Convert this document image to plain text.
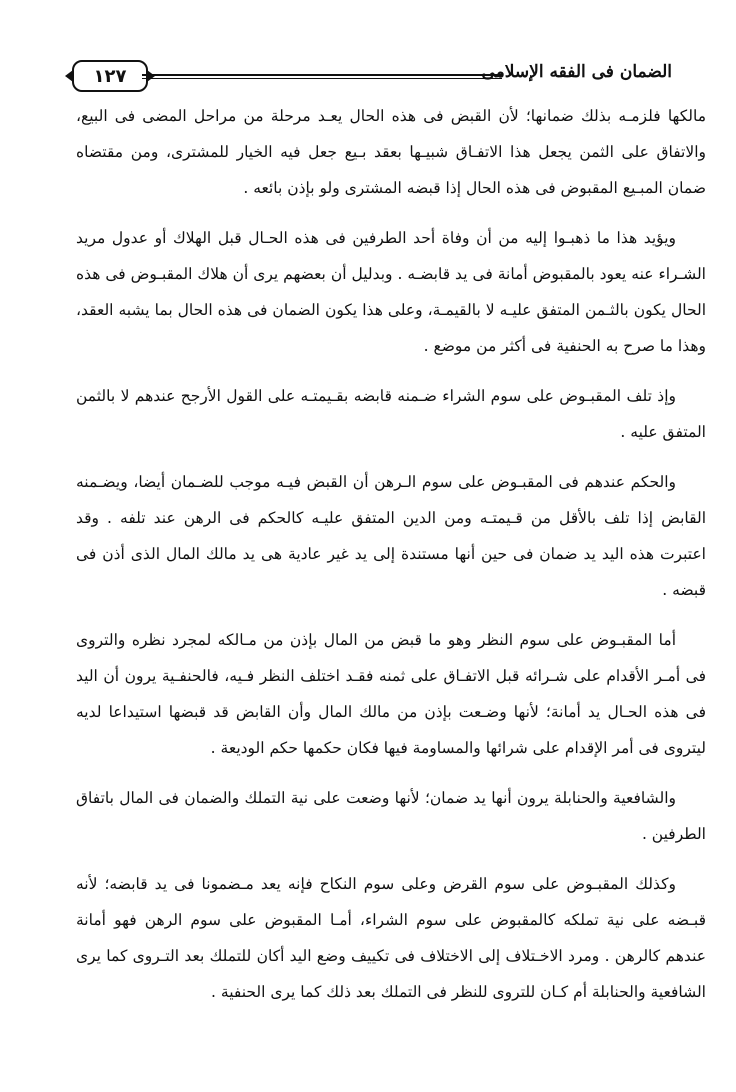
١٢٧	الضمان فى الفقه الإسلامى

مالكها فلزمـه بذلك ضمانها؛ لأن القبض فى هذه الحال يعـد مرحلة من مراحل المضى فى البيع، والاتفاق على الثمن يجعل هذا الاتفـاق شبيـها بعقد بـيع جعل فيه الخيار للمشترى، ومن مقتضاه ضمان المبـيع المقبوض فى هذه الحال إذا قبضه المشترى ولو بإذن بائعه .

ويؤيد هذا ما ذهبـوا إليه من أن وفاة أحد الطرفين فى هذه الحـال قبل الهلاك أو عدول مريد الشـراء عنه يعود بالمقبوض أمانة فى يد قابضـه . وبدليل أن بعضهم يرى أن هلاك المقبـوض فى هذه الحال يكون بالثـمن المتفق عليـه لا بالقيمـة، وعلى هذا يكون الضمان فى هذه الحال بما يشبه العقد، وهذا ما صرح به الحنفية فى أكثر من موضع .

وإذ تلف المقبـوض على سوم الشراء ضـمنه قابضه بقـيمتـه على القول الأرجح عندهم لا بالثمن المتفق عليه .

والحكم عندهم فى المقبـوض على سوم الـرهن أن القبض فيـه موجب للضـمان أيضا، ويضـمنه القابض إذا تلف بالأقل من قـيمتـه ومن الدين المتفق عليـه كالحكم فى الرهن عند تلفه . وقد اعتبرت هذه اليد يد ضمان فى حين أنها مستندة إلى يد غير عادية هى يد مالك المال الذى أذن فى قبضه .

أما المقبـوض على سوم النظر وهو ما قبض من المال بإذن من مـالكه لمجرد نظره والتروى فى أمـر الأقدام على شـرائه قبل الاتفـاق على ثمنه فقـد اختلف النظر فـيه، فالحنفـية يرون أن اليد فى هذه الحـال يد أمانة؛ لأنها وضـعت بإذن من مالك المال وأن القابض قد قبضها استيداعا لديه ليتروى فى أمر الإقدام على شرائها والمساومة فيها فكان حكمها حكم الوديعة .

والشافعية والحنابلة يرون أنها يد ضمان؛ لأنها وضعت على نية التملك والضمان فى المال باتفاق الطرفين .

وكذلك المقبـوض على سوم القرض وعلى سوم النكاح فإنه يعد مـضمونا فى يد قابضه؛ لأنه قبـضه على نية تملكه كالمقبوض على سوم الشراء، أمـا المقبوض على سوم الرهن فهو أمانة عندهم كالرهن . ومرد الاخـتلاف إلى الاختلاف فى تكييف وضع اليد أكان للتملك بعد التـروى كما يرى الشافعية والحنابلة أم كـان للتروى للنظر فى التملك بعد ذلك كما يرى الحنفية .
